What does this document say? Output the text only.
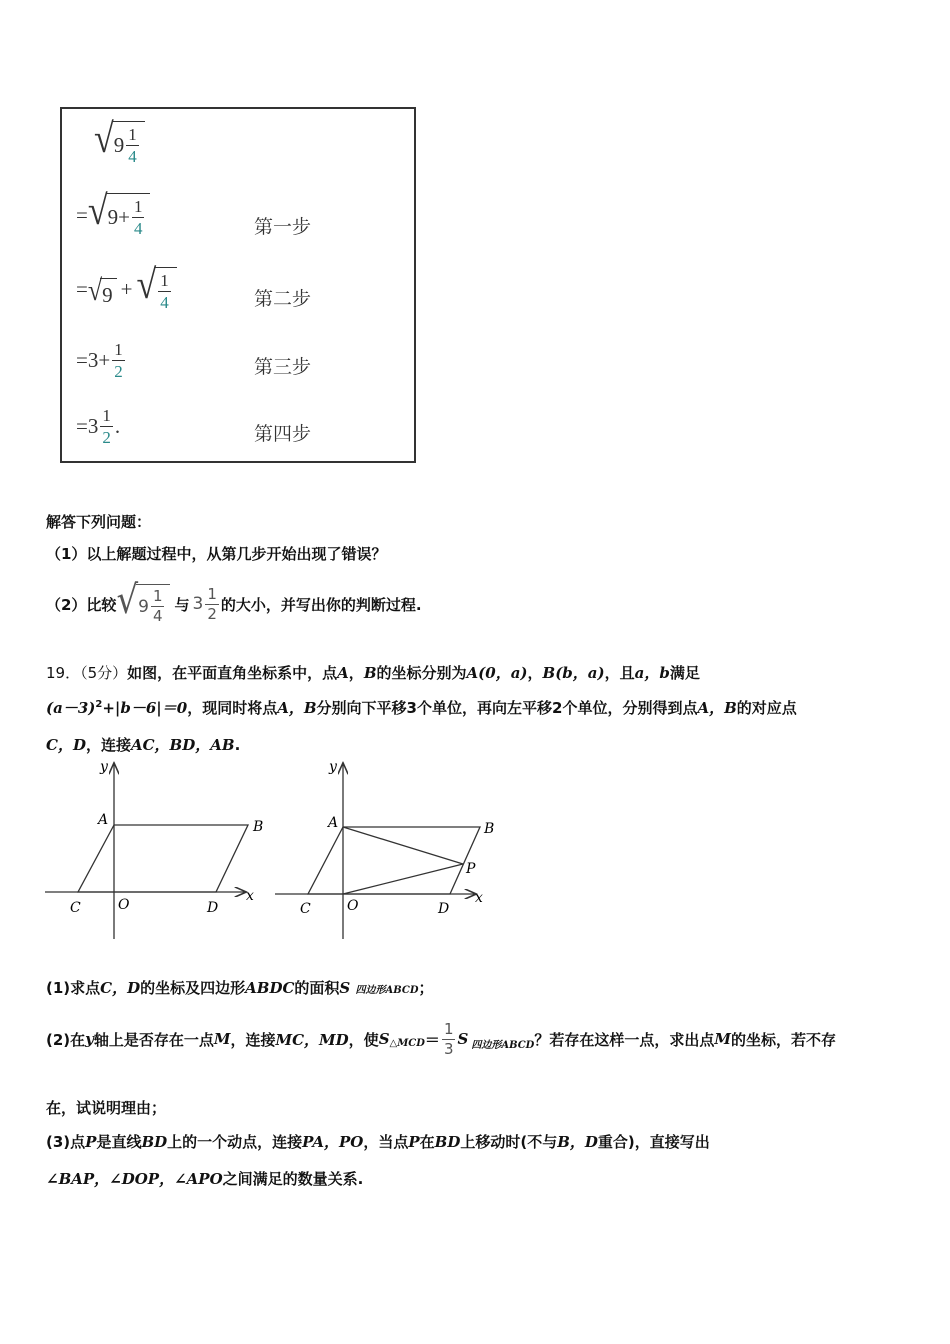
√ $9 \frac{1}{4}$
= √ $9+ \frac{1}{4}$	第一步
= √ 9 + √ $\frac{1}{4}$	第二步
$=3+ \frac{1}{2}$	第三步
$=3 \frac{1}{2}$ .	第四步
解答下列问题：
（1）以上解题过程中，从第几步开始出现了错误？
（2）比较 √ $9 \frac{1}{4}$ 与 $3 \frac{1}{2}$ 的大小，并写出你的判断过程.
19．（5分）如图，在平面直角坐标系中，点A，B的坐标分别为A(0，a)，B(b，a)，且a，b满足
$(a-3)^2+|b-6|=0$，现同时将点A，B分别向下平移3个单位，再向左平移2个单位，分别得到点A，B的对应点
C，D，连接AC，BD，AB.
y
A	B
C	O	D
x
y
A	B
P
C	O	D
x
(1)求点C，D的坐标及四边形ABDC的面积S 四边形ABCD；
(2)在 y 轴上是否存在一点 M ，连接 MC，MD ，使 S △MCD ＝ $\frac{1}{3}$ S 四边形ABCD ？若存在这样一点，求出点 M 的坐标，若不存
在，试说明理由；
(3)点P是直线BD上的一个动点，连接PA，PO，当点P在BD上移动时(不与B，D重合)，直接写出
∠BAP，∠DOP，∠APO之间满足的数量关系.
